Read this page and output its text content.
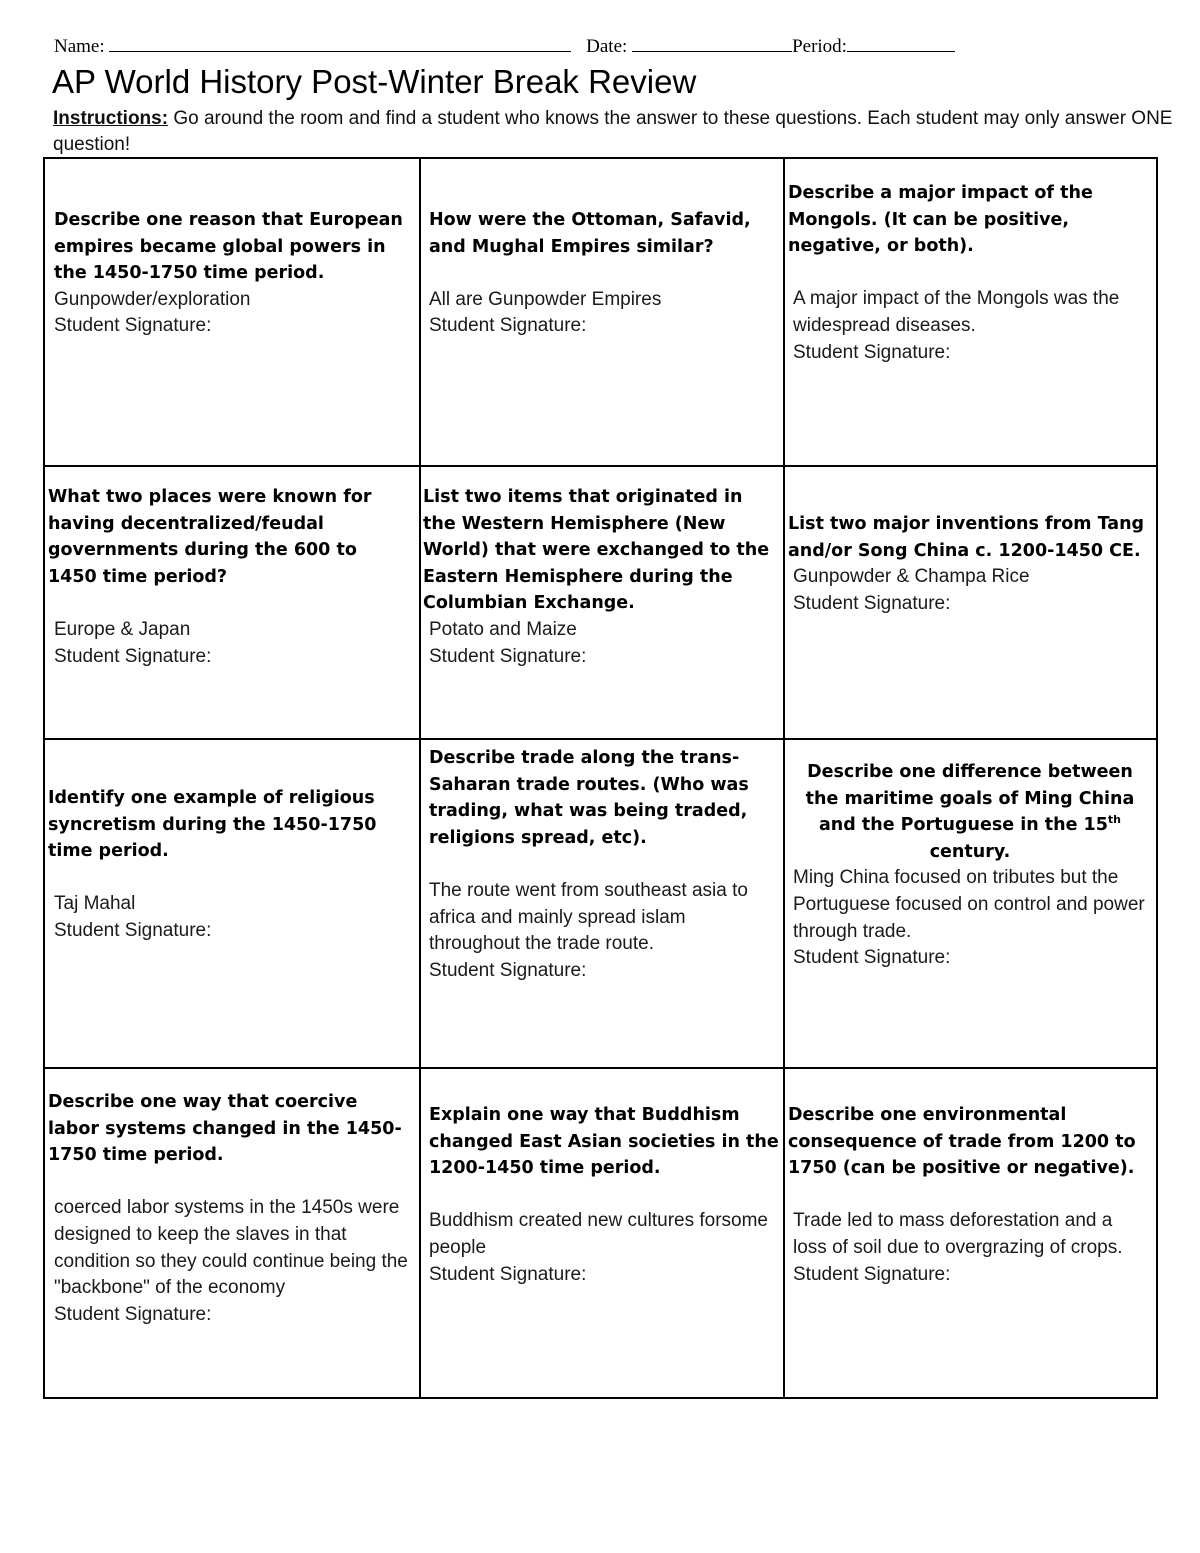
Name:	Date:	Period:
AP World History Post-Winter Break Review
Instructions: Go around the room and find a student who knows the answer to these questions. Each student may only answer ONE question!
Describe one reason that European empires became global powers in the 1450-1750 time period.
Gunpowder/exploration
Student Signature:
How were the Ottoman, Safavid, and Mughal Empires similar?
All are Gunpowder Empires
Student Signature:
Describe a major impact of the Mongols. (It can be positive, negative, or both).
A major impact of the Mongols was the widespread diseases.
Student Signature:
What two places were known for having decentralized/feudal governments during the 600 to 1450 time period?
Europe & Japan
Student Signature:
List two items that originated in the Western Hemisphere (New World) that were exchanged to the Eastern Hemisphere during the Columbian Exchange.
Potato and Maize
Student Signature:
List two major inventions from Tang and/or Song China c. 1200-1450 CE.
Gunpowder & Champa Rice
Student Signature:
Identify one example of religious syncretism during the 1450-1750 time period.
Taj Mahal
Student Signature:
Describe trade along the trans-Saharan trade routes. (Who was trading, what was being traded, religions spread, etc).
The route went from southeast asia to africa and mainly spread islam throughout the trade route.
Student Signature:
Describe one difference between the maritime goals of Ming China and the Portuguese in the 15th century.
Ming China focused on tributes but the Portuguese focused on control and power through trade.
Student Signature:
Describe one way that coercive labor systems changed in the 1450-1750 time period.
coerced labor systems in the 1450s were designed to keep the slaves in that condition so they could continue being the "backbone" of the economy
Student Signature:
Explain one way that Buddhism changed East Asian societies in the 1200-1450 time period.
Buddhism created new cultures forsome people
Student Signature:
Describe one environmental consequence of trade from 1200 to 1750 (can be positive or negative).
Trade led to mass deforestation and a loss of soil due to overgrazing of crops.
Student Signature:
